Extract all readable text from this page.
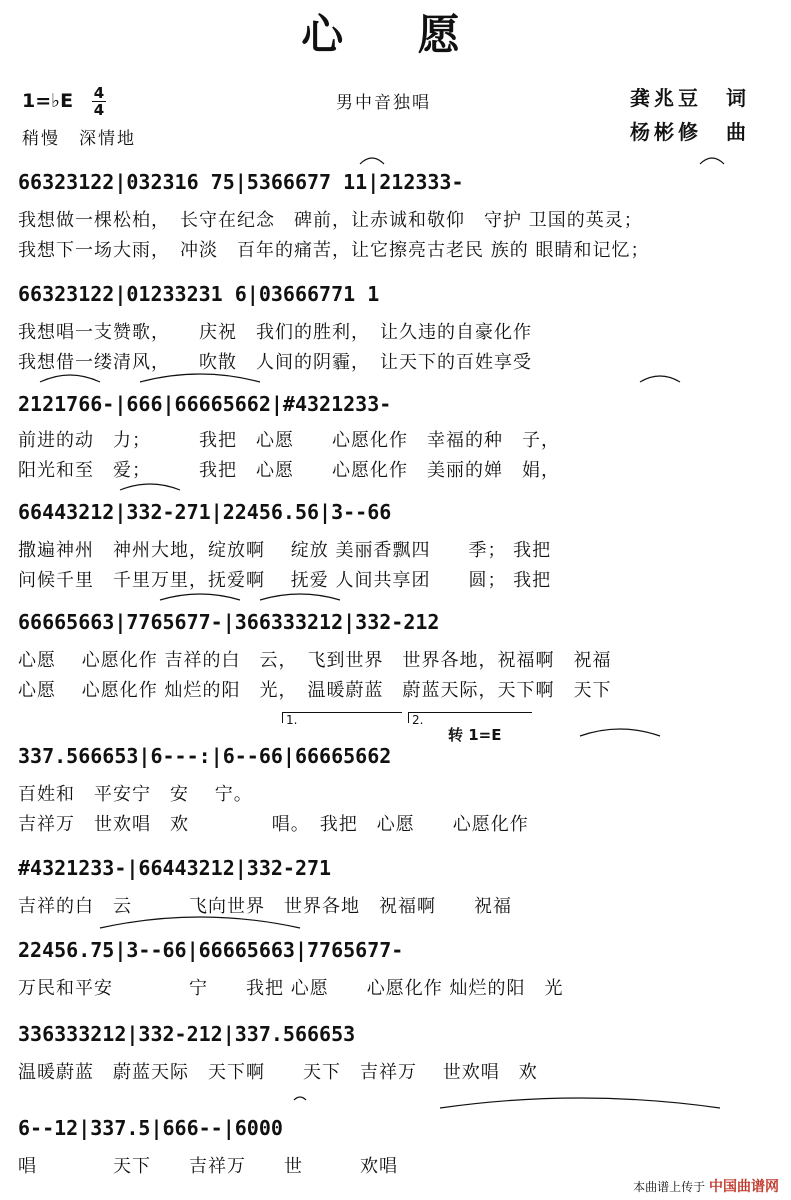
心 愿
1=♭E 4
4
稍慢　深情地
男中音独唱	龚兆豆　词
杨彬修　曲
1.	2.
转 1=E
66323122|032316 75|5366677 11|212333-
我想做一棵松柏，　长守在纪念　碑前，让赤诚和敬仰　守护 卫国的英灵；
我想下一场大雨，　冲淡　百年的痛苦，让它擦亮古老民 族的 眼睛和记忆；
66323122|01233231 6|03666771 1
我想唱一支赞歌，　　庆祝　我们的胜利，　让久违的自豪化作
我想借一缕清风，　　吹散　人间的阴霾，　让天下的百姓享受
2121766-|666|66665662|#4321233-
前进的动　力；　　　我把　心愿　　心愿化作　幸福的种　子，
阳光和至　爱；　　　我把　心愿　　心愿化作　美丽的婵　娟，
66443212|332-271|22456.56|3--66
撒遍神州　神州大地，绽放啊　 绽放 美丽香飘四　　季； 我把
问候千里　千里万里，抚爱啊　 抚爱 人间共享团　　圆； 我把
66665663|7765677-|366333212|332-212
心愿　 心愿化作 吉祥的白　云，　飞到世界　世界各地，祝福啊　祝福
心愿　 心愿化作 灿烂的阳　光，　温暖蔚蓝　蔚蓝天际，天下啊　天下
337.566653|6---:|6--66|66665662
百姓和　平安宁　安　 宁。
吉祥万　世欢唱　欢　　　　 唱。　我把　心愿　　心愿化作
#4321233-|66443212|332-271
吉祥的白　云　　　飞向世界　世界各地　祝福啊　　祝福
22456.75|3--66|66665663|7765677-
万民和平安　　　　宁　　我把 心愿　　心愿化作 灿烂的阳　光
336333212|332-212|337.566653
温暖蔚蓝　蔚蓝天际　天下啊　　天下　吉祥万　 世欢唱　欢
6--12|337.5|666--|6000
唱　　　　天下　　吉祥万　　世　　　欢唱
本曲谱上传于 中国曲谱网
